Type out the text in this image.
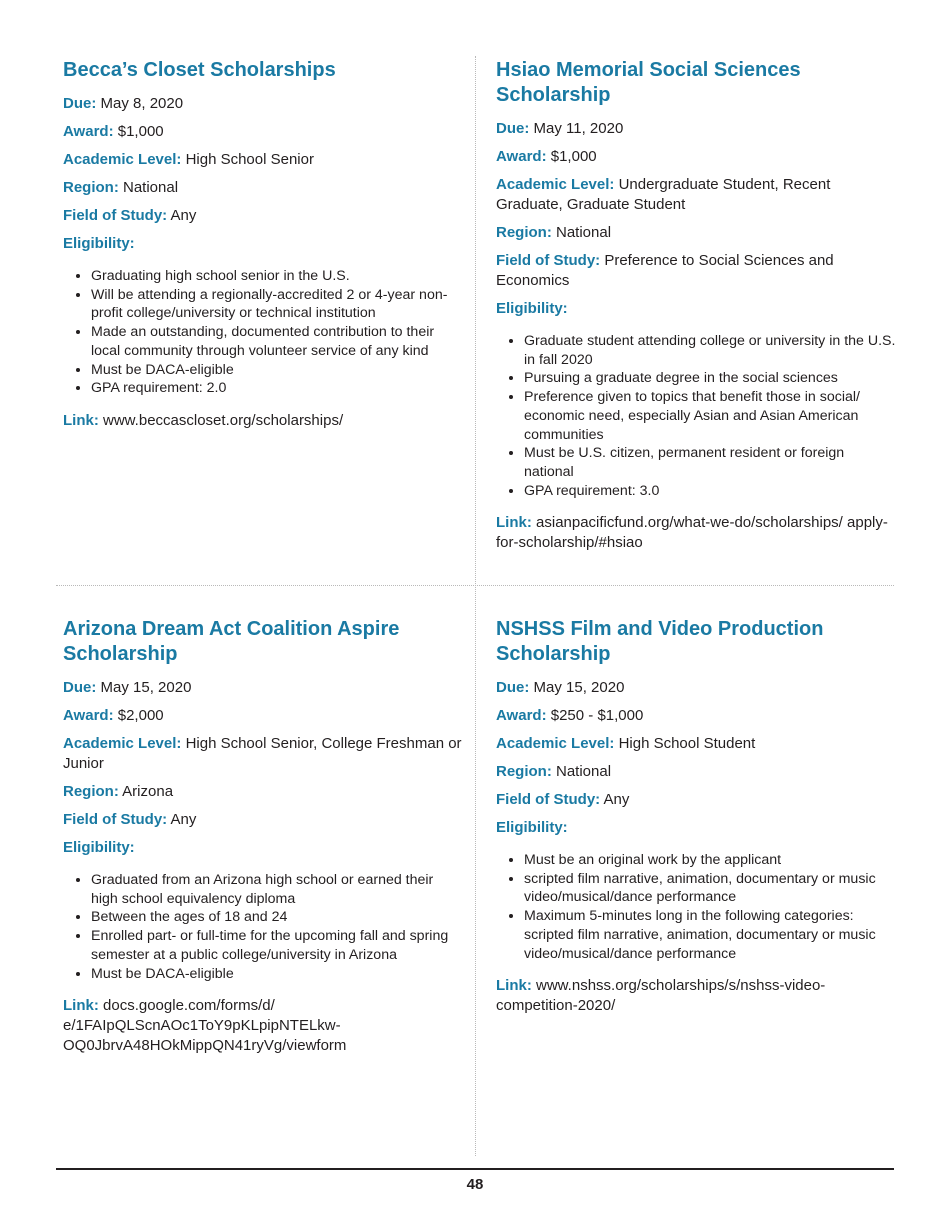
Becca’s Closet Scholarships

Due: May 8, 2020

Award: $1,000

Academic Level: High School Senior

Region: National

Field of Study: Any

Eligibility:

• Graduating high school senior in the U.S.
• Will be attending a regionally-accredited 2 or 4-year non-profit college/university or technical institution
• Made an outstanding, documented contribution to their local community through volunteer service of any kind
• Must be DACA-eligible
• GPA requirement: 2.0

Link: www.beccascloset.org/scholarships/

Hsiao Memorial Social Sciences Scholarship

Due: May 11, 2020

Award: $1,000

Academic Level: Undergraduate Student, Recent Graduate, Graduate Student

Region: National

Field of Study: Preference to Social Sciences and Economics

Eligibility:

• Graduate student attending college or university in the U.S. in fall 2020
• Pursuing a graduate degree in the social sciences
• Preference given to topics that benefit those in social/ economic need, especially Asian and Asian American communities
• Must be U.S. citizen, permanent resident or foreign national
• GPA requirement: 3.0

Link: asianpacificfund.org/what-we-do/scholarships/ apply-for-scholarship/#hsiao

Arizona Dream Act Coalition Aspire Scholarship

Due: May 15, 2020

Award: $2,000

Academic Level: High School Senior, College Freshman or Junior

Region: Arizona

Field of Study: Any

Eligibility:

• Graduated from an Arizona high school or earned their high school equivalency diploma
• Between the ages of 18 and 24
• Enrolled part- or full-time for the upcoming fall and spring semester at a public college/university in Arizona
• Must be DACA-eligible

Link: docs.google.com/forms/d/ e/1FAIpQLScnAOc1ToY9pKLpipNTELkw-OQ0JbrvA48HOkMippQN41ryVg/viewform

NSHSS Film and Video Production Scholarship

Due: May 15, 2020

Award: $250 - $1,000

Academic Level: High School Student

Region: National

Field of Study: Any

Eligibility:

• Must be an original work by the applicant
• scripted film narrative, animation, documentary or music video/musical/dance performance
• Maximum 5-minutes long in the following categories: scripted film narrative, animation, documentary or music video/musical/dance performance

Link: www.nshss.org/scholarships/s/nshss-video-competition-2020/

48
